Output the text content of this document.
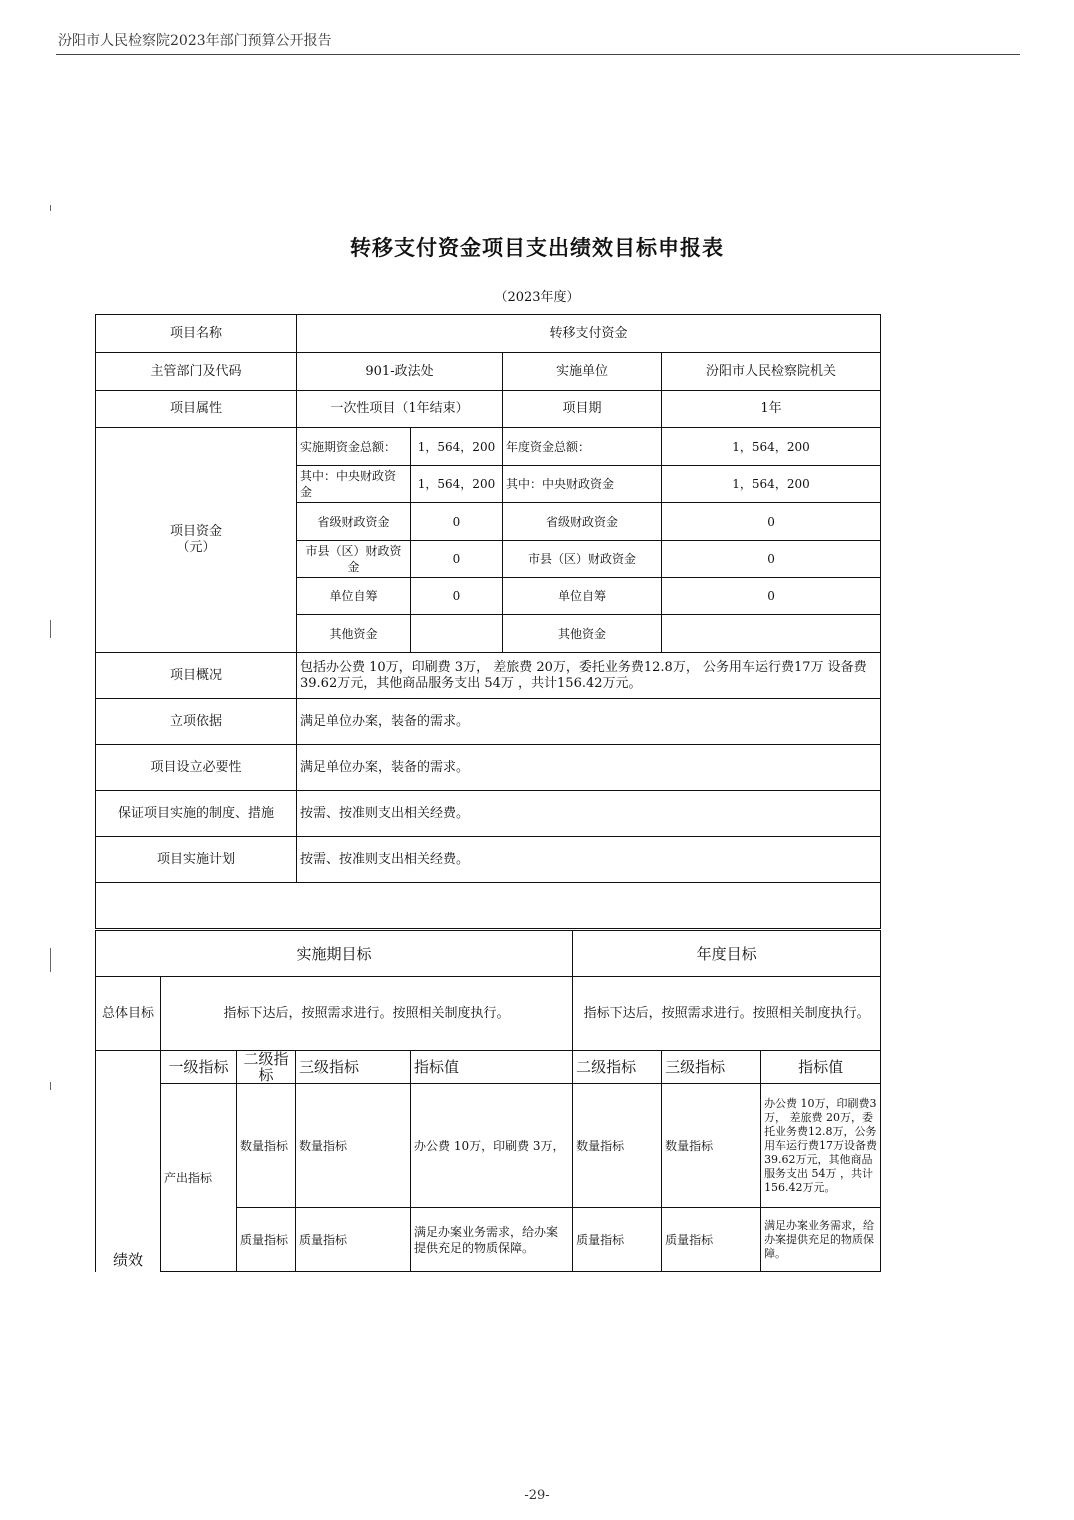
汾阳市人民检察院2023年部门预算公开报告
转移支付资金项目支出绩效目标申报表
（2023年度）
项目名称	转移支付资金			
主管部门及代码	901-政法处		实施单位	汾阳市人民检察院机关
项目属性	一次性项目（1年结束）		项目期	1年

项目资金
（元）	实施期资金总额：	1，564，200	年度资金总额：	1，564，200
	其中：中央财政资金	1，564，200	其中：中央财政资金	1，564，200
	省级财政资金	0	省级财政资金	0
	市县（区）财政资金	0	市县（区）财政资金	0
	单位自筹	0	单位自筹	0
	其他资金		其他资金	
项目概况	包括办公费 10万，印刷费 3万， 差旅费 20万，委托业务费12.8万， 公务用车运行费17万 设备费39.62万元，其他商品服务支出 54万 ，共计156.42万元。			
立项依据	满足单位办案，装备的需求。			
项目设立必要性	满足单位办案，装备的需求。			
保证项目实施的制度、措施	按需、按准则支出相关经费。			
项目实施计划	按需、按准则支出相关经费。			

实施期目标					年度目标		
总体目标	指标下达后，按照需求进行。按照相关制度执行。				指标下达后，按照需求进行。按照相关制度执行。		
绩效	一级指标	二级指标	三级指标	指标值	二级指标	三级指标	指标值
	产出指标	数量指标	数量指标	办公费 10万，印刷费 3万，	数量指标	数量指标	办公费 10万，印刷费3万， 差旅费 20万，委托业务费12.8万，公务用车运行费17万设备费39.62万元，其他商品服务支出 54万 ，共计156.42万元。
		质量指标	质量指标	满足办案业务需求，给办案提供充足的物质保障。	质量指标	质量指标	满足办案业务需求，给办案提供充足的物质保障。
-29-
